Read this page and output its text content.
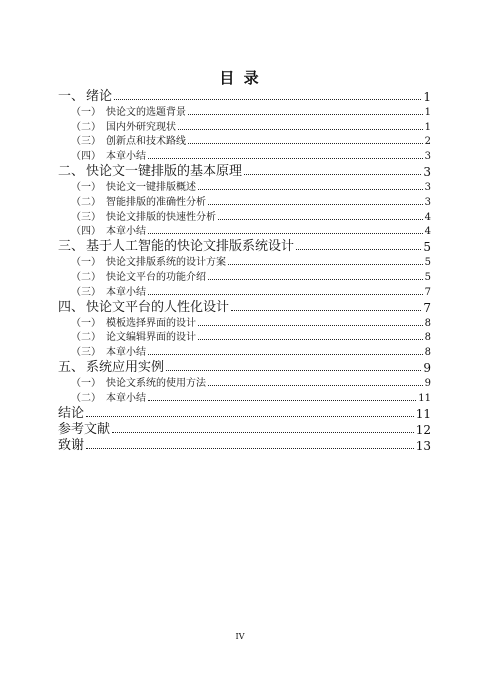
目 录
一、 绪论	1
（一） 快论文的选题背景	1
（二） 国内外研究现状	1
（三） 创新点和技术路线	2
（四） 本章小结	3
二、 快论文一键排版的基本原理	3
（一） 快论文一键排版概述	3
（二） 智能排版的准确性分析	3
（三） 快论文排版的快速性分析	4
（四） 本章小结	4
三、 基于人工智能的快论文排版系统设计	5
（一） 快论文排版系统的设计方案	5
（二） 快论文平台的功能介绍	5
（三） 本章小结	7
四、 快论文平台的人性化设计	7
（一） 模板选择界面的设计	8
（二） 论文编辑界面的设计	8
（三） 本章小结	8
五、 系统应用实例	9
（一） 快论文系统的使用方法	9
（二） 本章小结	11
结论	11
参考文献	12
致谢	13
IV
